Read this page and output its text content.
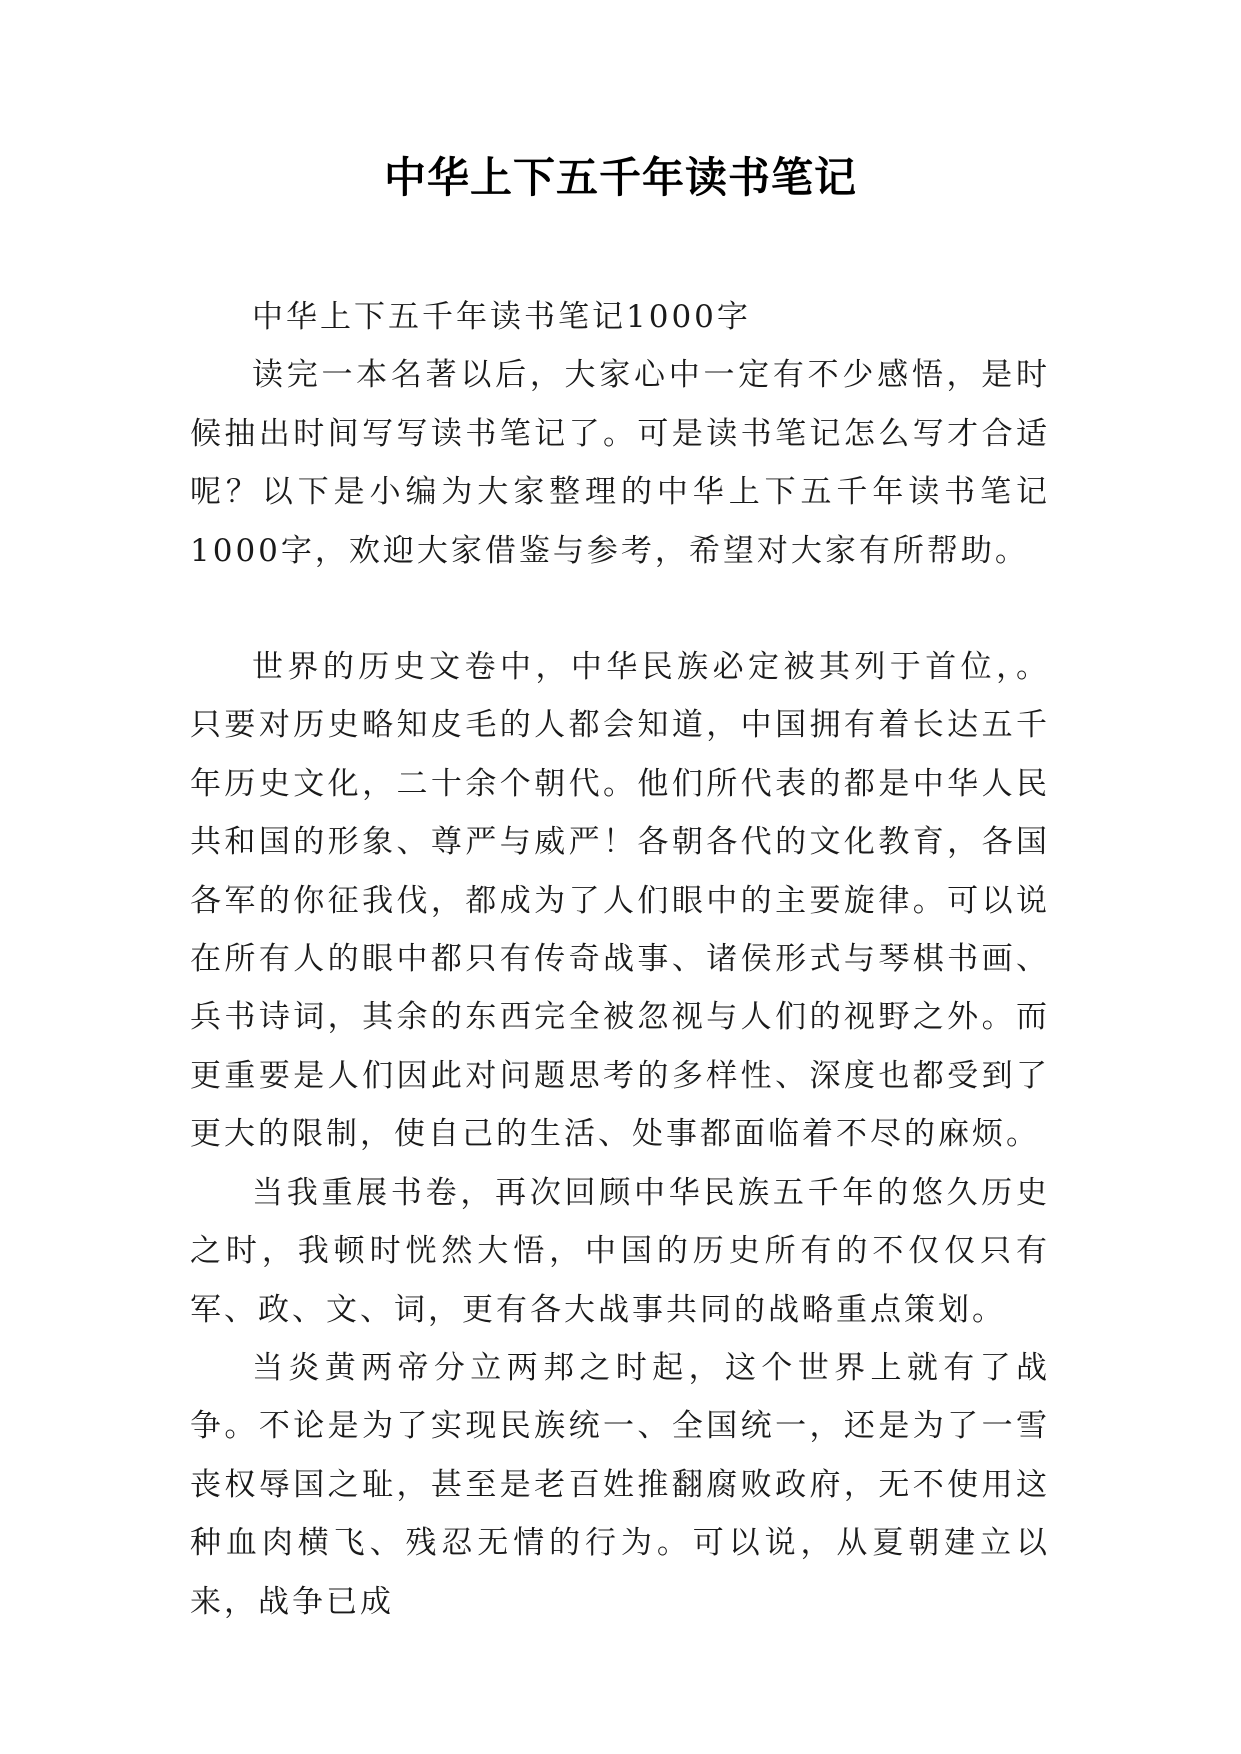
中华上下五千年读书笔记

中华上下五千年读书笔记1000字

读完一本名著以后，大家心中一定有不少感悟，是时候抽出时间写写读书笔记了。可是读书笔记怎么写才合适呢？以下是小编为大家整理的中华上下五千年读书笔记1000字，欢迎大家借鉴与参考，希望对大家有所帮助。

世界的历史文卷中，中华民族必定被其列于首位，。只要对历史略知皮毛的人都会知道，中国拥有着长达五千年历史文化，二十余个朝代。他们所代表的都是中华人民共和国的形象、尊严与威严！各朝各代的文化教育，各国各军的你征我伐，都成为了人们眼中的主要旋律。可以说在所有人的眼中都只有传奇战事、诸侯形式与琴棋书画、兵书诗词，其余的东西完全被忽视与人们的视野之外。而更重要是人们因此对问题思考的多样性、深度也都受到了更大的限制，使自己的生活、处事都面临着不尽的麻烦。

当我重展书卷，再次回顾中华民族五千年的悠久历史之时，我顿时恍然大悟，中国的历史所有的不仅仅只有军、政、文、词，更有各大战事共同的战略重点策划。

当炎黄两帝分立两邦之时起，这个世界上就有了战争。不论是为了实现民族统一、全国统一，还是为了一雪丧权辱国之耻，甚至是老百姓推翻腐败政府，无不使用这种血肉横飞、残忍无情的行为。可以说，从夏朝建立以来，战争已成
